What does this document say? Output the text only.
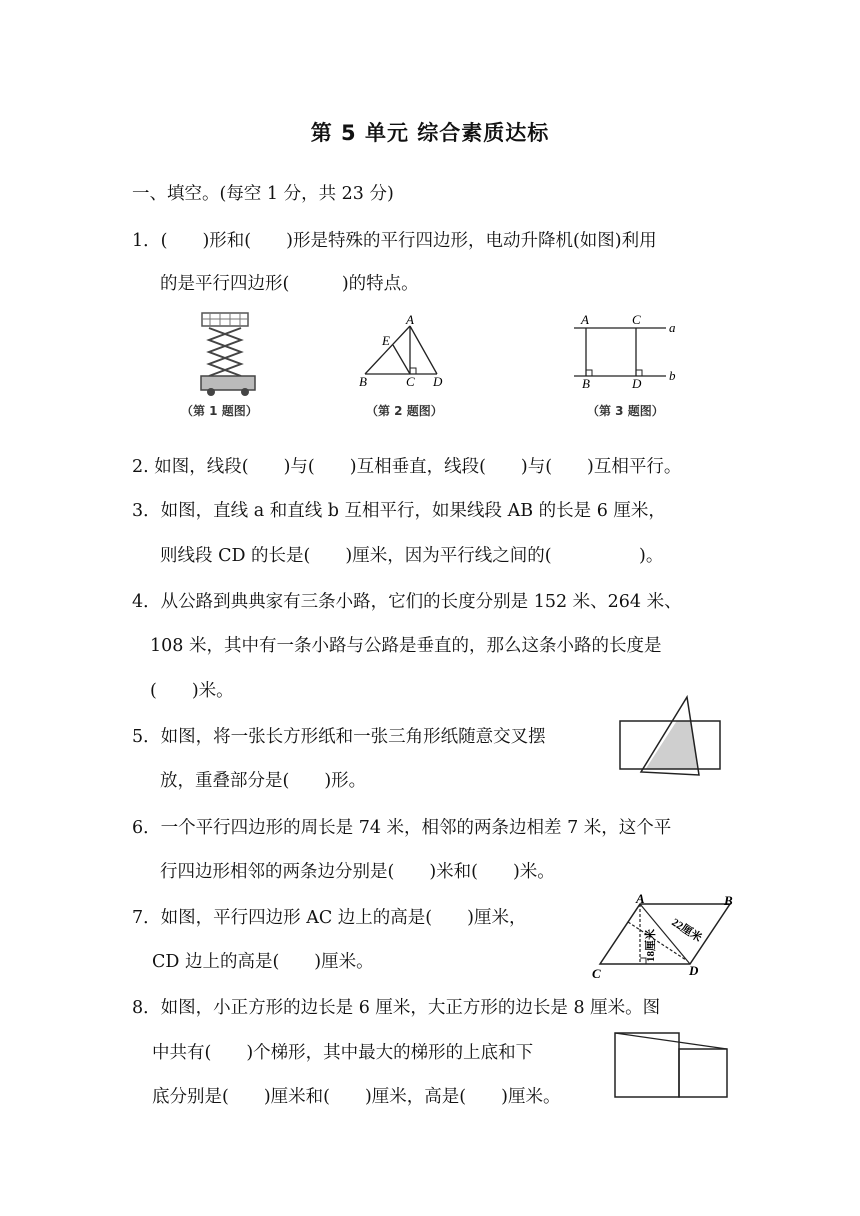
第 5 单元 综合素质达标
一、填空。(每空 1 分，共 23 分)
1．(　　)形和(　　)形是特殊的平行四边形，电动升降机(如图)利用
的是平行四边形(　　　)的特点。
A
E
B	C D
A	C
B	D
a
b
（第 1 题图）	（第 2 题图）	（第 3 题图）
2. 如图，线段(　　)与(　　)互相垂直，线段(　　)与(　　)互相平行。
3．如图，直线 a 和直线 b 互相平行，如果线段 AB 的长是 6 厘米，
则线段 CD 的长是(　　)厘米，因为平行线之间的(　　　　　)。
4．从公路到典典家有三条小路，它们的长度分别是 152 米、264 米、
108 米，其中有一条小路与公路是垂直的，那么这条小路的长度是
(　　)米。
5．如图，将一张长方形纸和一张三角形纸随意交叉摆
放，重叠部分是(　　)形。
6．一个平行四边形的周长是 74 米，相邻的两条边相差 7 米，这个平
行四边形相邻的两条边分别是(　　)米和(　　)米。
7．如图，平行四边形 AC 边上的高是(　　)厘米，
CD 边上的高是(　　)厘米。
A	B
C	D
18厘米 22厘米
8．如图，小正方形的边长是 6 厘米，大正方形的边长是 8 厘米。图
中共有(　　)个梯形，其中最大的梯形的上底和下
底分别是(　　)厘米和(　　)厘米，高是(　　)厘米。
